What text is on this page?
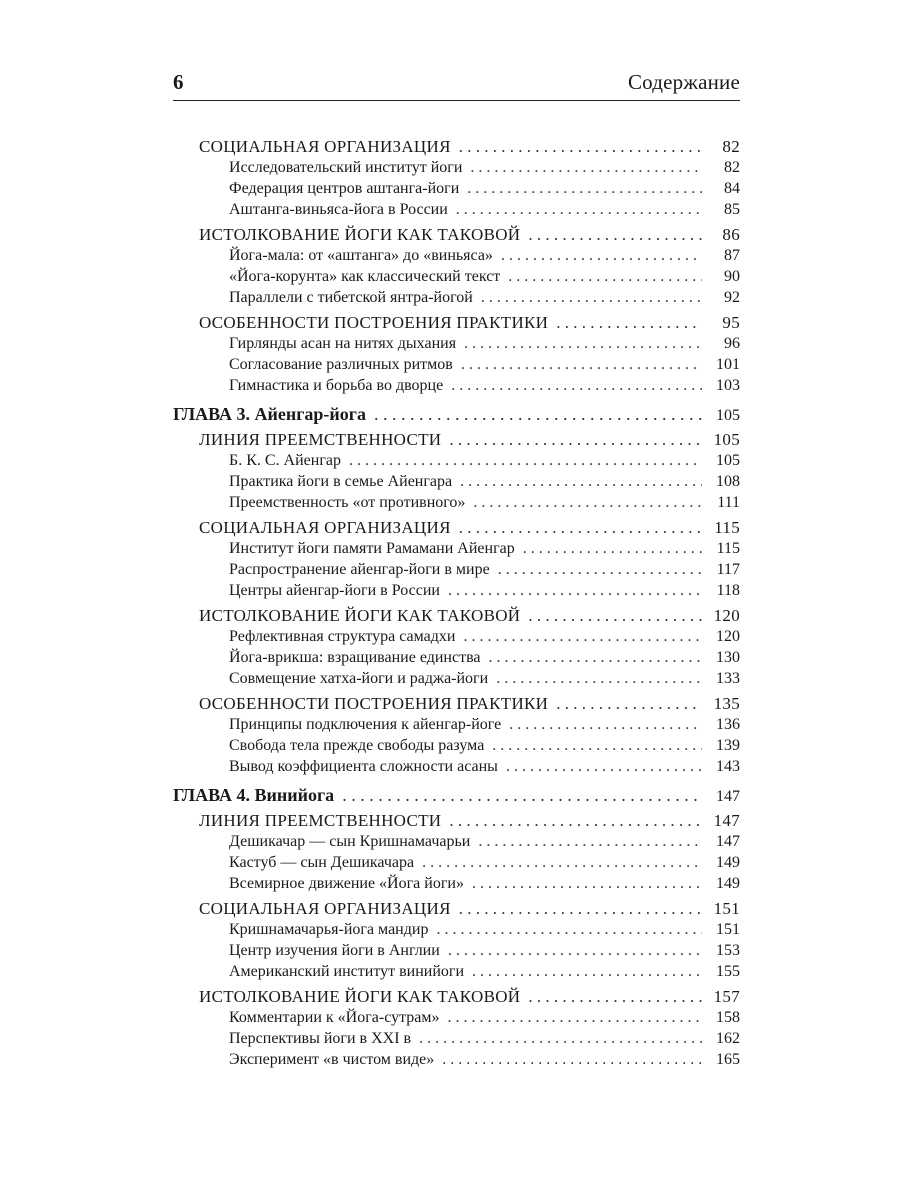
6	Содержание
СОЦИАЛЬНАЯ ОРГАНИЗАЦИЯ . . .	82
Исследовательский институт йоги . . .	82
Федерация центров аштанга-йоги . . .	84
Аштанга-виньяса-йога в России . . .	85
ИСТОЛКОВАНИЕ ЙОГИ КАК ТАКОВОЙ . . .	86
Йога-мала: от «аштанга» до «виньяса» . . .	87
«Йога-корунта» как классический текст . . .	90
Параллели с тибетской янтра-йогой . . .	92
ОСОБЕННОСТИ ПОСТРОЕНИЯ ПРАКТИКИ . . .	95
Гирлянды асан на нитях дыхания . . .	96
Согласование различных ритмов . . .	101
Гимнастика и борьба во дворце . . .	103
ГЛАВА 3. Айенгар-йога . . .	105
ЛИНИЯ ПРЕЕМСТВЕННОСТИ . . .	105
Б. К. С. Айенгар . . .	105
Практика йоги в семье Айенгара . . .	108
Преемственность «от противного» . . .	111
СОЦИАЛЬНАЯ ОРГАНИЗАЦИЯ . . .	115
Институт йоги памяти Рамамани Айенгар . . .	115
Распространение айенгар-йоги в мире . . .	117
Центры айенгар-йоги в России . . .	118
ИСТОЛКОВАНИЕ ЙОГИ КАК ТАКОВОЙ . . .	120
Рефлективная структура самадхи . . .	120
Йога-врикша: взращивание единства . . .	130
Совмещение хатха-йоги и раджа-йоги . . .	133
ОСОБЕННОСТИ ПОСТРОЕНИЯ ПРАКТИКИ . . .	135
Принципы подключения к айенгар-йоге . . .	136
Свобода тела прежде свободы разума . . .	139
Вывод коэффициента сложности асаны . . .	143
ГЛАВА 4. Винийога . . .	147
ЛИНИЯ ПРЕЕМСТВЕННОСТИ . . .	147
Дешикачар — сын Кришнамачарьи . . .	147
Кастуб — сын Дешикачара . . .	149
Всемирное движение «Йога йоги» . . .	149
СОЦИАЛЬНАЯ ОРГАНИЗАЦИЯ . . .	151
Кришнамачарья-йога мандир . . .	151
Центр изучения йоги в Англии . . .	153
Американский институт винийоги . . .	155
ИСТОЛКОВАНИЕ ЙОГИ КАК ТАКОВОЙ . . .	157
Комментарии к «Йога-сутрам» . . .	158
Перспективы йоги в XXI в . . .	162
Эксперимент «в чистом виде» . . .	165
